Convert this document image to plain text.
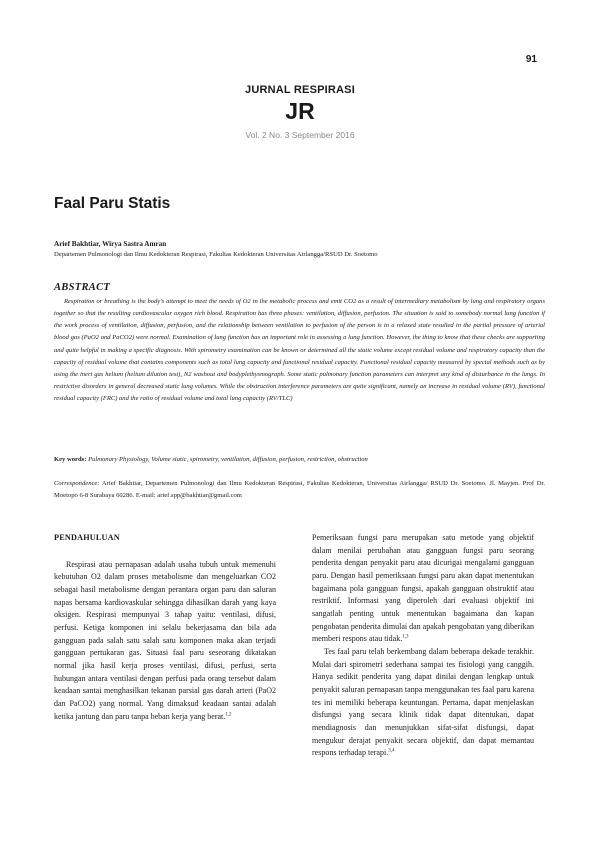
91
JURNAL RESPIRASI
JR
Vol. 2 No. 3 September 2016
Faal Paru Statis
Arief Bakhtiar, Wirya Sastra Amran
Departemen Pulmonologi dan Ilmu Kedokteran Respirasi, Fakultas Kedokteran Universitas Airlangga/RSUD Dr. Soetomo
ABSTRACT
Respiration or breathing is the body's attempt to meet the needs of O2 in the metabolic process and emit CO2 as a result of intermediary metabolism by lung and respiratory organs together so that the resulting cardiovascular oxygen rich blood. Respiration has three phases: ventilation, diffusion, perfusion. The situation is said to somebody normal lung function if the work process of ventilation, diffusion, perfusion, and the relationship between ventilation to perfusion of the person is in a relaxed state resulted in the partial pressure of arterial blood gas (PaO2 and PaCO2) were normal. Examination of lung function has an important role in assessing a lung function. However, the thing to know that these checks are supporting and quite helpful in making a specific diagnosis. With spirometry examination can be known or determined all the static volume except residual volume and respiratory capacity than the capacity of residual volume that contains components such as total lung capacity and functional residual capacity. Functional residual capacity measured by special methods such as by using the inert gas helium (helium dilution test), N2 washout and bodyplethysmograph. Some static pulmonary function parameters can interpret any kind of disturbance in the lungs. In restrictive disorders in general decreased static lung volumes. While the obstruction interference parameters are quite significant, namely an increase in residual volume (RV), functional residual capacity (FRC) and the ratio of residual volume and total lung capacity (RV/TLC)
Key words: Pulmonary Physiology, Volume static, spirometry, ventilation, diffusion, perfusion, restriction, obstruction
Correspondence: Arief Bakhtiar, Departemen Pulmonologi dan Ilmu Kedokteran Respirasi, Fakultas Kedokteran, Universitas Airlangga/ RSUD Dr. Soetomo. Jl. Mayjen. Prof Dr. Moetopo 6-8 Surabaya 60286. E-mail: arief.spp@bakhtiar@gmail.com
PENDAHULUAN

Respirasi atau pernapasan adalah usaha tubuh untuk memenuhi kebutuhan O2 dalam proses metabolisme dan mengeluarkan CO2 sebagai hasil metabolisme dengan perantara organ paru dan saluran napas bersama kardiovaskular sehingga dihasilkan darah yang kaya oksigen. Respirasi mempunyai 3 tahap yaitu: ventilasi, difusi, perfusi. Ketiga komponen ini selalu bekerjasama dan bila ada gangguan pada salah satu salah satu komponen maka akan terjadi gangguan pertukaran gas. Situasi faal paru seseorang dikatakan normal jika hasil kerja proses ventilasi, difusi, perfusi, serta hubungan antara ventilasi dengan perfusi pada orang tersebut dalam keadaan santai menghasilkan tekanan parsial gas darah arteri (PaO2 dan PaCO2) yang normal. Yang dimaksud keadaan santai adalah ketika jantung dan paru tanpa beban kerja yang berat.$^{1,2}$

Pemeriksaan fungsi paru merupakan satu metode yang objektif dalam menilai perubahan atau gangguan fungsi paru seorang penderita dengan penyakit paru atau dicurigai mengalami gangguan paru. Dengan hasil pemeriksaan fungsi paru akan dapat menentukan bagaimana pola gangguan fungsi, apakah gangguan obstruktif atau restriktif. Informasi yang diperoleh dari evaluasi objektif ini sangatlah penting untuk menentukan bagaimana dan kapan pengobatan penderita dimulai dan apakah pengobatan yang diberikan memberi respons atau tidak.$^{1,3}$

Tes faal paru telah berkembang dalam beberapa dekade terakhir. Mulai dari spirometri sederhana sampai tes fisiologi yang canggih. Hanya sedikit penderita yang dapat dinilai dengan lengkap untuk penyakit saluran pernapasan tanpa menggunakan tes faal paru karena tes ini memiliki beberapa keuntungan. Pertama, dapat menjelaskan disfungsi yang secara klinik tidak dapat ditentukan, dapat mendiagnosis dan menunjukkan sifat-sifat disfungsi, dapat mengukur derajat penyakit secara objektif, dan dapat memantau respons terhadap terapi.$^{3,4}$
